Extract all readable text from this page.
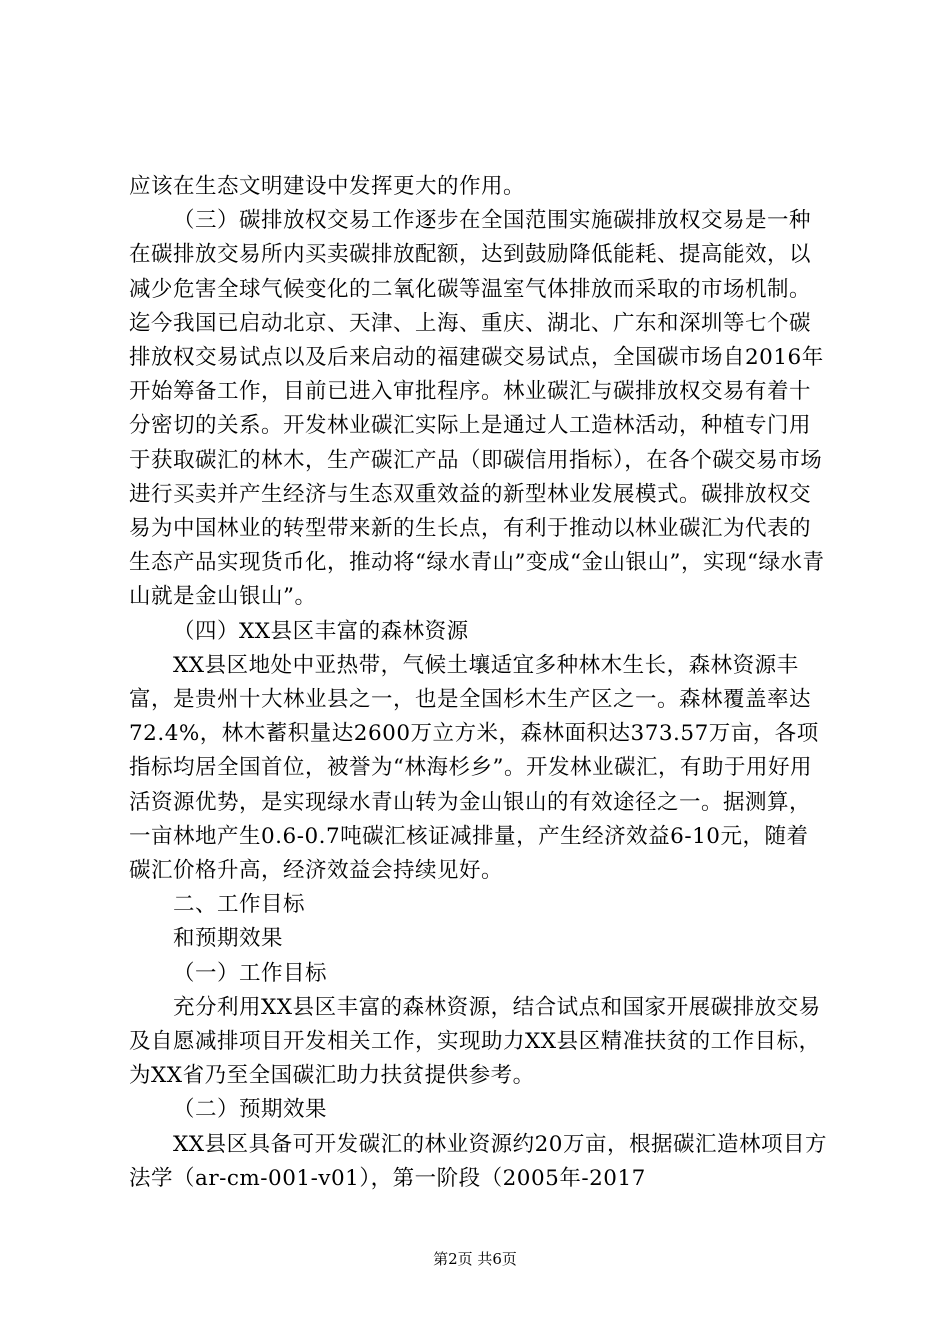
应该在生态文明建设中发挥更大的作用。

（三）碳排放权交易工作逐步在全国范围实施碳排放权交易是一种在碳排放交易所内买卖碳排放配额，达到鼓励降低能耗、提高能效，以减少危害全球气候变化的二氧化碳等温室气体排放而采取的市场机制。迄今我国已启动北京、天津、上海、重庆、湖北、广东和深圳等七个碳排放权交易试点以及后来启动的福建碳交易试点，全国碳市场自2016年开始筹备工作，目前已进入审批程序。林业碳汇与碳排放权交易有着十分密切的关系。开发林业碳汇实际上是通过人工造林活动，种植专门用于获取碳汇的林木，生产碳汇产品（即碳信用指标），在各个碳交易市场进行买卖并产生经济与生态双重效益的新型林业发展模式。碳排放权交易为中国林业的转型带来新的生长点，有利于推动以林业碳汇为代表的生态产品实现货币化，推动将“绿水青山”变成“金山银山”，实现“绿水青山就是金山银山”。

（四）XX县区丰富的森林资源

XX县区地处中亚热带，气候土壤适宜多种林木生长，森林资源丰富，是贵州十大林业县之一，也是全国杉木生产区之一。森林覆盖率达72.4%，林木蓄积量达2600万立方米，森林面积达373.57万亩，各项指标均居全国首位，被誉为“林海杉乡”。开发林业碳汇，有助于用好用活资源优势，是实现绿水青山转为金山银山的有效途径之一。据测算，一亩林地产生0.6-0.7吨碳汇核证减排量，产生经济效益6-10元，随着碳汇价格升高，经济效益会持续见好。

二、工作目标

和预期效果

（一）工作目标

充分利用XX县区丰富的森林资源，结合试点和国家开展碳排放交易及自愿减排项目开发相关工作，实现助力XX县区精准扶贫的工作目标，为XX省乃至全国碳汇助力扶贫提供参考。

（二）预期效果

XX县区具备可开发碳汇的林业资源约20万亩，根据碳汇造林项目方法学（ar-cm-001-v01），第一阶段（2005年-2017

第2页 共6页
